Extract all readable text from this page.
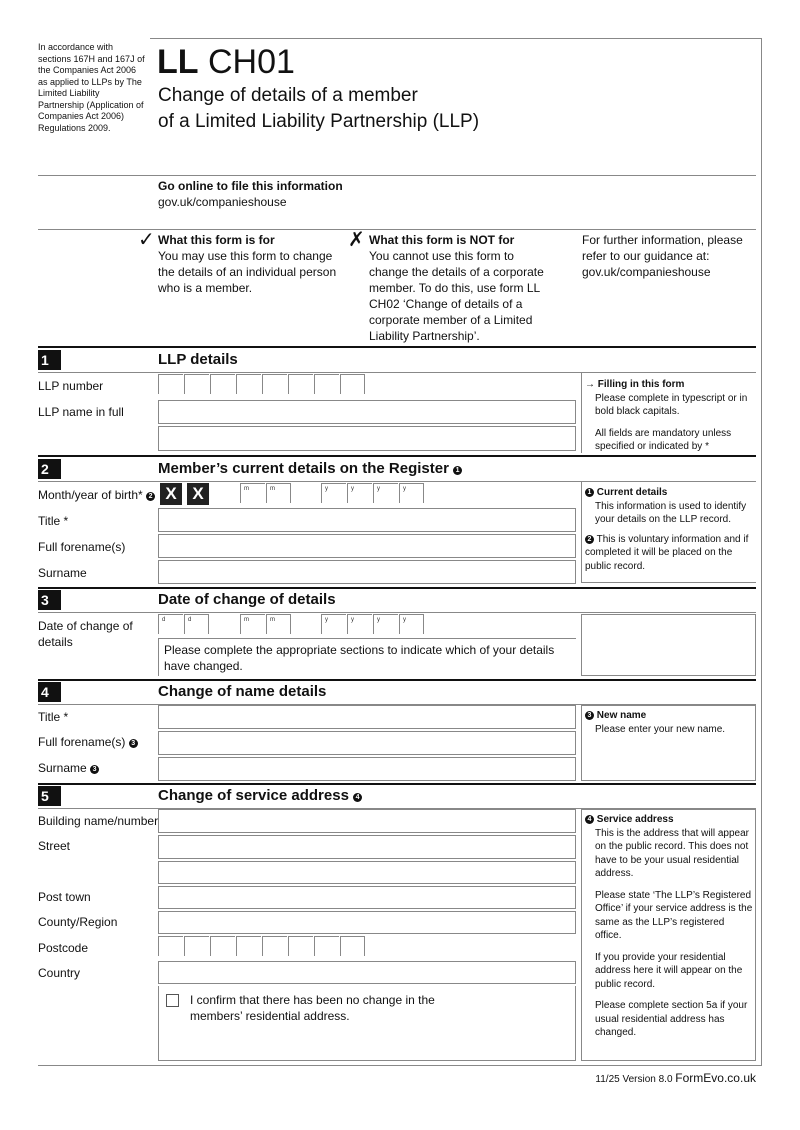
In accordance with sections 167H and 167J of the Companies Act 2006 as applied to LLPs by The Limited Liability Partnership (Application of Companies Act 2006) Regulations 2009.
LL CH01
Change of details of a member
of a Limited Liability Partnership (LLP)
Go online to file this information
gov.uk/companieshouse
✓ What this form is for
You may use this form to change the details of an individual person who is a member.
✗ What this form is NOT for
You cannot use this form to change the details of a corporate member. To do this, use form LL CH02 ‘Change of details of a corporate member of a Limited Liability Partnership’.
For further information, please refer to our guidance at: gov.uk/companieshouse
1	LLP details
LLP number
LLP name in full
→ Filling in this form
Please complete in typescript or in bold black capitals.
All fields are mandatory unless specified or indicated by *
2	Member’s current details on the Register 1
Month/year of birth* 2 X X	m	m	y	y	y	y
Title *
Full forename(s)
Surname
1 Current details
This information is used to identify your details on the LLP record.
2 This is voluntary information and if completed it will be placed on the public record.
3	Date of change of details
Date of change of details
d	d	m	m	y	y	y	y
Please complete the appropriate sections to indicate which of your details have changed.
4	Change of name details
Title *
Full forename(s) 3
Surname 3
3 New name
Please enter your new name.
5	Change of service address 4
Building name/number
Street
Post town
County/Region
Postcode
Country
I confirm that there has been no change in the members’ residential address.
4 Service address
This is the address that will appear on the public record. This does not have to be your usual residential address.
Please state ‘The LLP’s Registered Office’ if your service address is the same as the LLP’s registered office.
If you provide your residential address here it will appear on the public record.
Please complete section 5a if your usual residential address has changed.
11/25 Version 8.0 FormEvo.co.uk
